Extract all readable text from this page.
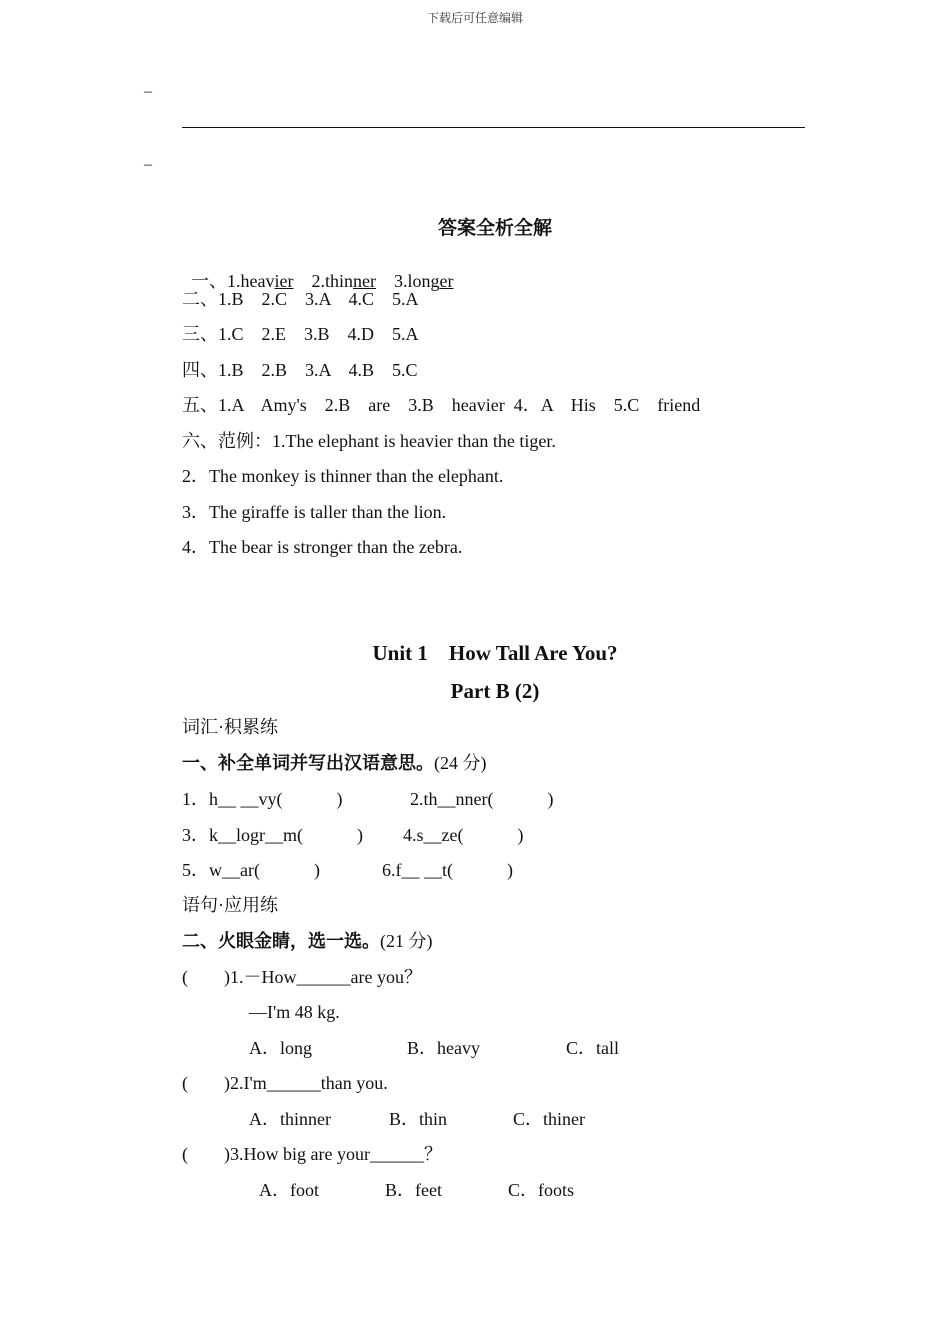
下载后可任意编辑
–
–
答案全析全解

一、1.heavier    2.thinner    3.longer

二、1.B    2.C    3.A    4.C    5.A
三、1.C    2.E    3.B    4.D    5.A
四、1.B    2.B    3.A    4.B    5.C
五、1.A    Amy's    2.B    are    3.B    heavier  4．A    His    5.C    friend
六、范例：1.The elephant is heavier than the tiger.
2．The monkey is thinner than the elephant.
3．The giraffe is taller than the lion.
4．The bear is stronger than the zebra.
Unit 1    How Tall Are You?
Part B (2)
词汇·积累练
一、补全单词并写出汉语意思。(24 分)
1．h__ __vy(            )	2.th__nner(            )
3．k__logr__m(            ) 4.s__ze(            )
5．w__ar(            )	6.f__ __t(            )
语句·应用练
二、火眼金睛，选一选。(21 分)
(        )1.－How______are you？
—I'm 48 kg.
A．long	B．heavy	C．tall
(        )2.I'm______than you.
A．thinner	B．thin	C．thiner
(        )3.How big are your______？
A．foot	B．feet	C．foots
